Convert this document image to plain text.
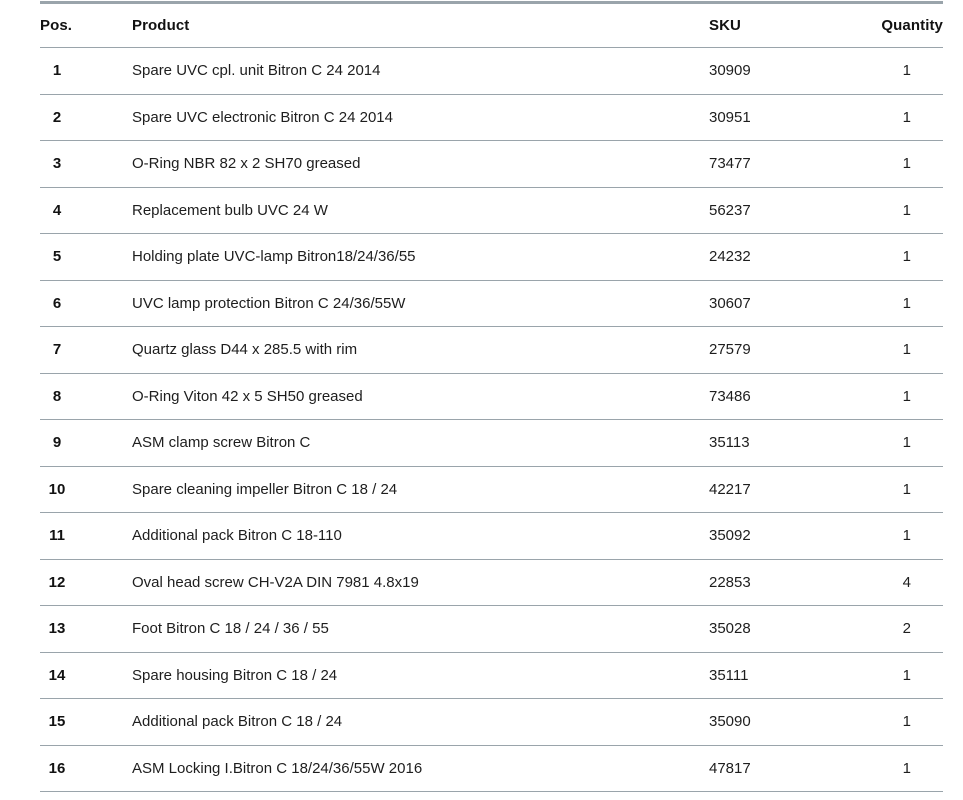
Pos.	Product	SKU	Quantity
1	Spare UVC cpl. unit Bitron C 24 2014	30909	1
2	Spare UVC electronic Bitron C 24 2014	30951	1
3	O-Ring NBR 82 x 2 SH70 greased	73477	1
4	Replacement bulb UVC 24 W	56237	1
5	Holding plate UVC-lamp Bitron18/24/36/55	24232	1
6	UVC lamp protection Bitron C 24/36/55W	30607	1
7	Quartz glass D44 x 285.5 with rim	27579	1
8	O-Ring Viton 42 x 5 SH50 greased	73486	1
9	ASM clamp screw Bitron C	35113	1
10	Spare cleaning impeller Bitron C 18 / 24	42217	1
11	Additional pack Bitron C 18-110	35092	1
12	Oval head screw CH-V2A DIN 7981 4.8x19	22853	4
13	Foot Bitron C 18 / 24 / 36 / 55	35028	2
14	Spare housing Bitron C 18 / 24	35111	1
15	Additional pack Bitron C 18 / 24	35090	1
16	ASM Locking I.Bitron C 18/24/36/55W 2016	47817	1
